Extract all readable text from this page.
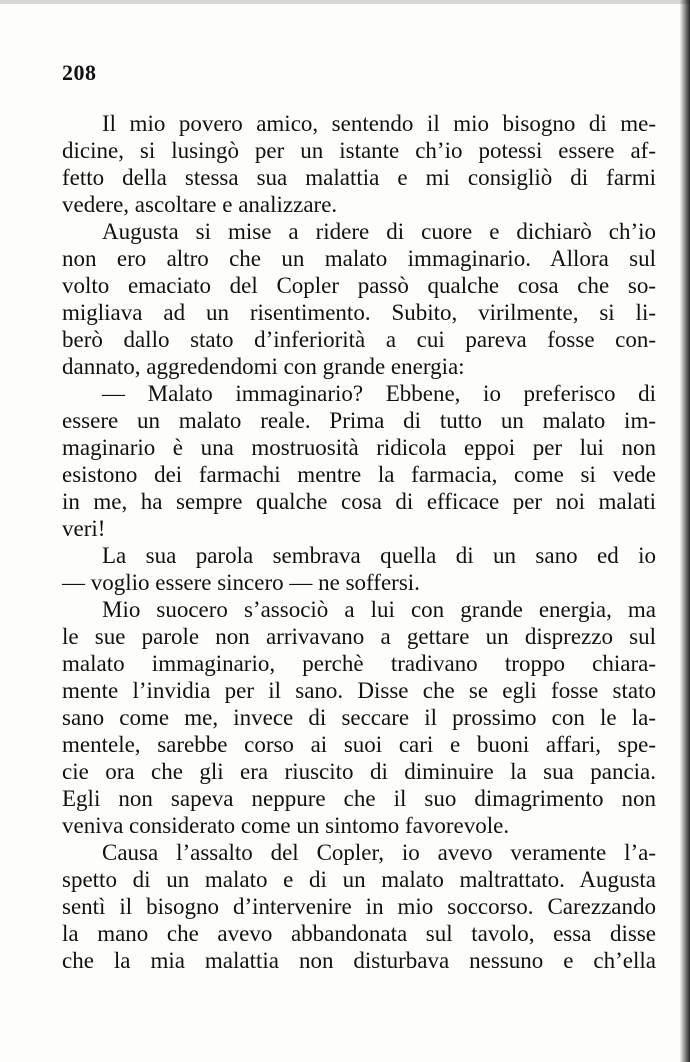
208
Il mio povero amico, sentendo il mio bisogno di me-
dicine, si lusingò per un istante ch’io potessi essere af-
fetto della stessa sua malattia e mi consigliò di farmi
vedere, ascoltare e analizzare.
Augusta si mise a ridere di cuore e dichiarò ch’io
non ero altro che un malato immaginario. Allora sul
volto emaciato del Copler passò qualche cosa che so-
migliava ad un risentimento. Subito, virilmente, si li-
berò dallo stato d’inferiorità a cui pareva fosse con-
dannato, aggredendomi con grande energia:
— Malato immaginario? Ebbene, io preferisco di
essere un malato reale. Prima di tutto un malato im-
maginario è una mostruosità ridicola eppoi per lui non
esistono dei farmachi mentre la farmacia, come si vede
in me, ha sempre qualche cosa di efficace per noi malati
veri!
La sua parola sembrava quella di un sano ed io
— voglio essere sincero — ne soffersi.
Mio suocero s’associò a lui con grande energia, ma
le sue parole non arrivavano a gettare un disprezzo sul
malato immaginario, perchè tradivano troppo chiara-
mente l’invidia per il sano. Disse che se egli fosse stato
sano come me, invece di seccare il prossimo con le la-
mentele, sarebbe corso ai suoi cari e buoni affari, spe-
cie ora che gli era riuscito di diminuire la sua pancia.
Egli non sapeva neppure che il suo dimagrimento non
veniva considerato come un sintomo favorevole.
Causa l’assalto del Copler, io avevo veramente l’a-
spetto di un malato e di un malato maltrattato. Augusta
sentì il bisogno d’intervenire in mio soccorso. Carezzando
la mano che avevo abbandonata sul tavolo, essa disse
che la mia malattia non disturbava nessuno e ch’ella
